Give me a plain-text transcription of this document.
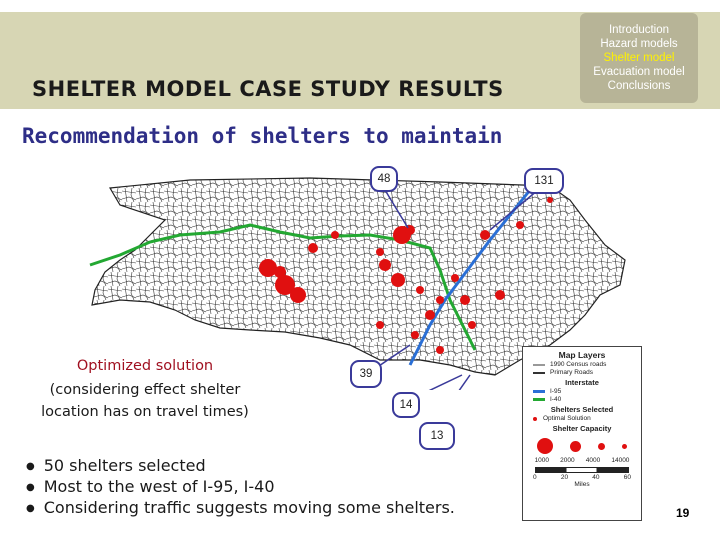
SHELTER MODEL CASE STUDY RESULTS
Introduction
Hazard models
Shelter model
Evacuation model
Conclusions
Recommendation of shelters to maintain
48	131
39
14
13
Map Layers
1990 Census roads
Primary Roads
Interstate
I-95
I-40
Shelters Selected
Optimal Solution
Shelter Capacity
1000 2000 4000 14000
0	20	40	60
Miles
Optimized solution
(considering effect shelter
location has on travel times)
● 50 shelters selected
● Most to the west of I-95, I-40
● Considering traffic suggests moving some shelters.	19
